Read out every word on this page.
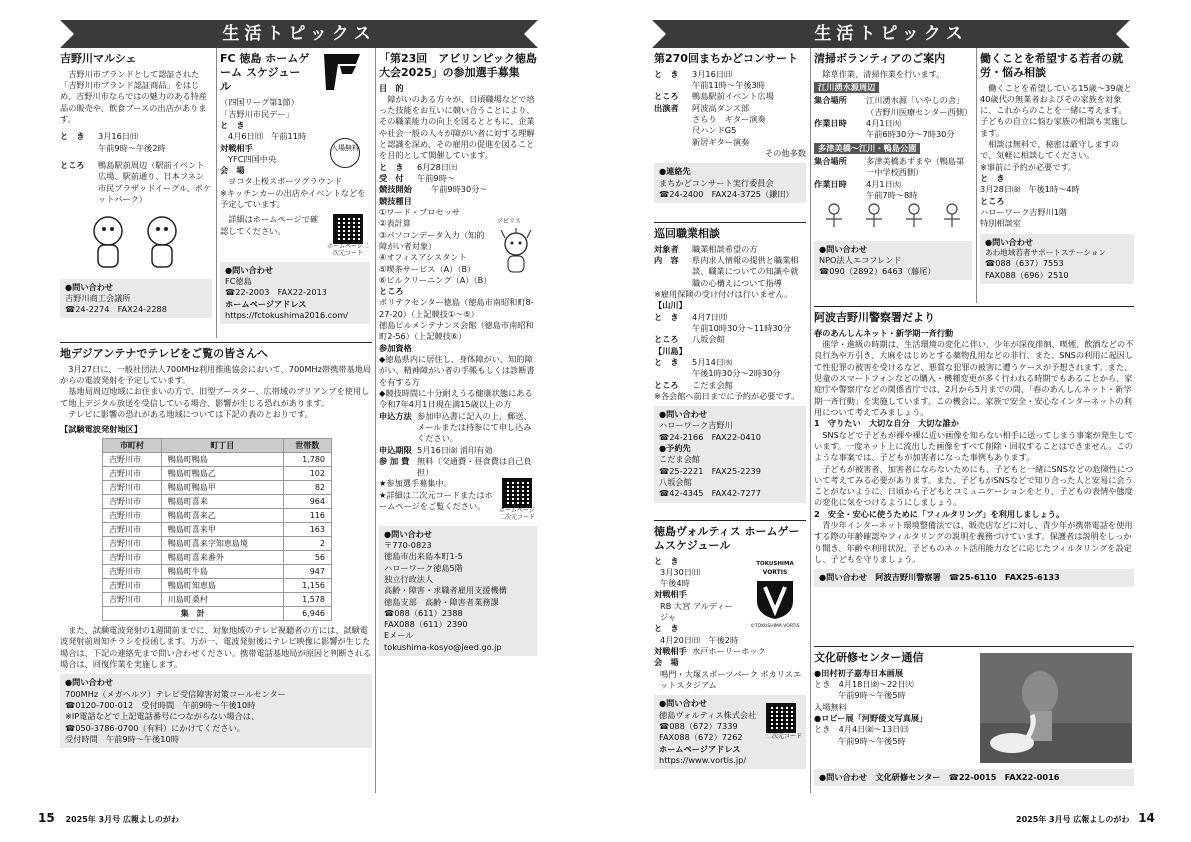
生活トピックス
吉野川マルシェ
吉野川市ブランドとして認証された「吉野川市ブランド認証商品」をはじめ、吉野川市ならではの魅力のある特産品の販売や、飲食ブースの出店があります。
と　き	3月16日㈰
午前9時～午後2時
ところ	鴨島駅前周辺（駅前イベント広場、駅前通り、日本フネン市民プラザッドイーグル、ポケットパーク）
●問い合わせ
吉野川商工会議所
☎24-2274　FAX24-2288
FC 徳島 ホームゲーム スケジュール
（四国リーグ第1節）
「吉野川市民デー」
と　き
4月6日㈰　午前11時
対戦相手
YFC四国中央
会　場
ヨコタ上桜スポーツグラウンド
※キッチンカーの出店やイベントなどを予定しています。
詳細はホームページで確認してください。
ホームページ二次元コード
入場無料
●問い合わせ
FC徳島
☎22-2003　FAX22-2013
ホームページアドレス
https://fctokushima2016.com/
地デジアンテナでテレビをご覧の皆さんへ
3月27日に、一般社団法人700MHz利用推進協会において、700MHz帯携帯基地局からの電波発射を予定しています。
基地局周辺地域にお住まいの方で、旧型ブースター、広帯域のプリアンプを使用して地上デジタル放送を受信している場合、影響が生じる恐れがあります。
テレビに影響の恐れがある地域については下記の表のとおりです。
【試験電波発射地区】
市町村	町丁目	世帯数
吉野川市	鴨島町鴨島	1,780
吉野川市	鴨島町鴨島乙	102
吉野川市	鴨島町鴨島甲	82
吉野川市	鴨島町喜来	964
吉野川市	鴨島町喜来乙	116
吉野川市	鴨島町喜来甲	163
吉野川市	鴨島町喜来字知恵島境	2
吉野川市	鴨島町喜来番外	56
吉野川市	鴨島町牛島	947
吉野川市	鴨島町知恵島	1,156
吉野川市	川島町桑村	1,578
集　計		6,946
また、試験電波発射の1週間前までに、対象地域のテレビ視聴者の方には、試験電波発射前周知チラシを投函します。万が一、電波発射後にテレビ映像に影響が生じた場合は、下記の連絡先まで問い合わせください。携帯電話基地局が原因と判断される場合は、回復作業を実施します。
●問い合わせ
700MHz（メガヘルツ）テレビ受信障害対策コールセンター
☎0120-700-012　受付時間　午前9時～午後10時
※IP電話などで上記電話番号につながらない場合は、
☎050-3786-0700（有料）にかけてください。
受付時間　午前9時～午後10時
「第23回　アビリンピック徳島大会2025」の参加選手募集
目　的
障がいのある方々が、日頃職場などで培った技能をお互いに競い合うことにより、その職業能力の向上を図るとともに、企業や社会一般の人々が障がい者に対する理解と認識を深め、その雇用の促進を図ることを目的として開催しています。
と　き	6月28日㈯
受　付	午前9時～
競技開始	午前9時30分～
競技種目
①ワード・プロセッサ
②表計算
③パソコンデータ入力（知的障がい者対象）
④オフィスアシスタント
⑤喫茶サービス（A）（B）
⑥ビルクリーニング（A）（B）
アビリス
ところ
ポリテクセンター徳島（徳島市南昭和町8-27-20）（上記競技①～⑤）
徳島ビルメンテナンス会館（徳島市南昭和町2-56）（上記競技⑥）
参加資格
◆徳島県内に居住し、身体障がい、知的障がい、精神障がい者の手帳もしくは診断書を有する方
◆競技時間に十分耐えうる健康状態にある令和7年4月1日現在満15歳以上の方
申込方法 参加申込書に記入の上、郵送、メールまたは持参にて申し込みください。
申込期限 5月16日㈮ 消印有効
参 加 費 無料（交通費・昼食費は自己負担）
★参加選手募集中。
★詳細は二次元コードまたはホームページをご覧ください。	ホームページ二次元コード
●問い合わせ
〒770-0823
徳島市出来島本町1-5
ハローワーク徳島5階
独立行政法人
高齢・障害・求職者雇用支援機構
徳島支部　高齢・障害者業務課
☎088（611）2388
FAX088（611）2390
Eメール
tokushima-kosyo@jeed.go.jp
15 2025年 3月号 広報よしのがわ
生活トピックス
第270回まちかどコンサート
と　き	3月16日㈰
午前11時～午後3時
ところ	鴨島駅前イベント広場
出演者	阿波高ダンス部
さらり　ギター演奏
尺ハンドG5
新居ギター演奏
その他多数
●連絡先
まちかどコンサート実行委員会
☎24-2400　FAX24-3725（鎌田）
巡回職業相談
対象者	職業相談希望の方
内　容	県内求人情報の提供と職業相談、職業についての知識や就職の心構えについて指導
※雇用保険の受け付けは行いません。
【山川】
と　き	4月7日㈪
午前10時30分～11時30分
ところ	八坂会館
【川島】
と　き	5月14日㈬
午後1時30分～2時30分
ところ	こだま会館
※各会館へ前日までに予約が必要です。
●問い合わせ
ハローワーク吉野川
☎24-2166　FAX22-0410
●予約先
こだま会館
☎25-2221　FAX25-2239
八坂会館
☎42-4345　FAX42-7277
徳島ヴォルティス ホームゲームスケジュール
と　き
3月30日㈰
午後4時
対戦相手
RB 大宮 アルディージャ
と　き
4月20日㈰　午後2時
対戦相手 水戸ホーリーホック
会　場
鳴門・大塚スポーツパーク ポカリスエットスタジアム
TOKUSHIMA
VORTIS
©TOKUSHIMA VORTIS
●問い合わせ
徳島ヴォルティス株式会社
☎088（672）7339
FAX088（672）7262
ホームページアドレス
https://www.vortis.jp/
二次元コード
清掃ボランティアのご案内
除草作業、清掃作業を行います。
江川湧水源周辺
集合場所	江川湧水源「いやしの舎」（吉野川医療センター西側）
作業日時	4月1日㈫
午前6時30分～7時30分
多津美橋～江川・鴨島公園
集合場所	多津美橋あずまや（鴨島第一中学校西側）
作業日時	4月1日㈫
午前7時～8時
●問い合わせ
NPO法人エコフレンド
☎090（2892）6463（藤尾）
働くことを希望する若者の就労・悩み相談
働くことを希望している15歳～39歳と40歳代の無業者およびその家族を対象に、これからのことを一緒に考えます。子どもの自立に悩む家族の相談も実施します。
相談は無料で、秘密は厳守しますので、気軽に相談してください。
※事前に予約が必要です。
と　き
3月28日㈮　午後1時～4時
ところ
ハローワーク吉野川1階
特別相談室
●問い合わせ
あわ地域若者サポートステーション
☎088（637）7553
FAX088（696）2510
阿波吉野川警察署だより
春のあんしんネット・新学期一斉行動
進学・進級の時期は、生活環境の変化に伴い、少年が深夜徘徊、喫煙、飲酒などの不良行為や万引き、大麻をはじめとする薬物乱用などの非行、また、SNSの利用に起因して性犯罪の被害を受けるなど、悪質な犯罪の被害に遭うケースが予想されます。また、児童のスマートフォンなどの購入・機種変更が多く行われる時期でもあることから、家庭庁や警察庁などの関係省庁では、2月から5月までの間、「春のあんしんネット・新学期一斉行動」を実施しています。この機会に、家族で安全・安心なインターネットの利用について考えてみましょう。
1　守りたい　大切な自分　大切な誰か
SNSなどで子どもが裸や裸に近い画像を知らない相手に送ってしまう事案が発生しています。一度ネット上に流出した画像をすべて削除・回収することはできません。このような事案では、子どもが加害者になった事例もあります。
子どもが被害者、加害者にならないためにも、子どもと一緒にSNSなどの危険性について考えてみる必要があります。また、子どもがSNSなどで知り合った人と安易に会うことがないように、日頃から子どもとコミュニケーションをとり、子どもの表情や態度の変化に気をつけるようにしましょう。
2　安全・安心に使うために「フィルタリング」を利用しましょう。
青少年インターネット環境整備法では、販売店などに対し、青少年が携帯電話を使用する際の年齢確認やフィルタリングの説明を義務づけています。保護者は説明をしっかり聞き、年齢や利用状況、子どものネット活用能力などに応じたフィルタリングを設定し、子どもを守りましょう。
●問い合わせ　阿波吉野川警察署　☎25-6110　FAX25-6133
文化研修センター通信
●田村初子嘉寿日本画展
とき　4月18日㈮～22日㈫
午前9時～午後5時
入場無料
●ロビー展「河野倭文写真展」
とき　4月4日㈮～13日㈰
午前9時～午後5時
●問い合わせ　文化研修センター　☎22-0015　FAX22-0016
2025年 3月号 広報よしのがわ 14
